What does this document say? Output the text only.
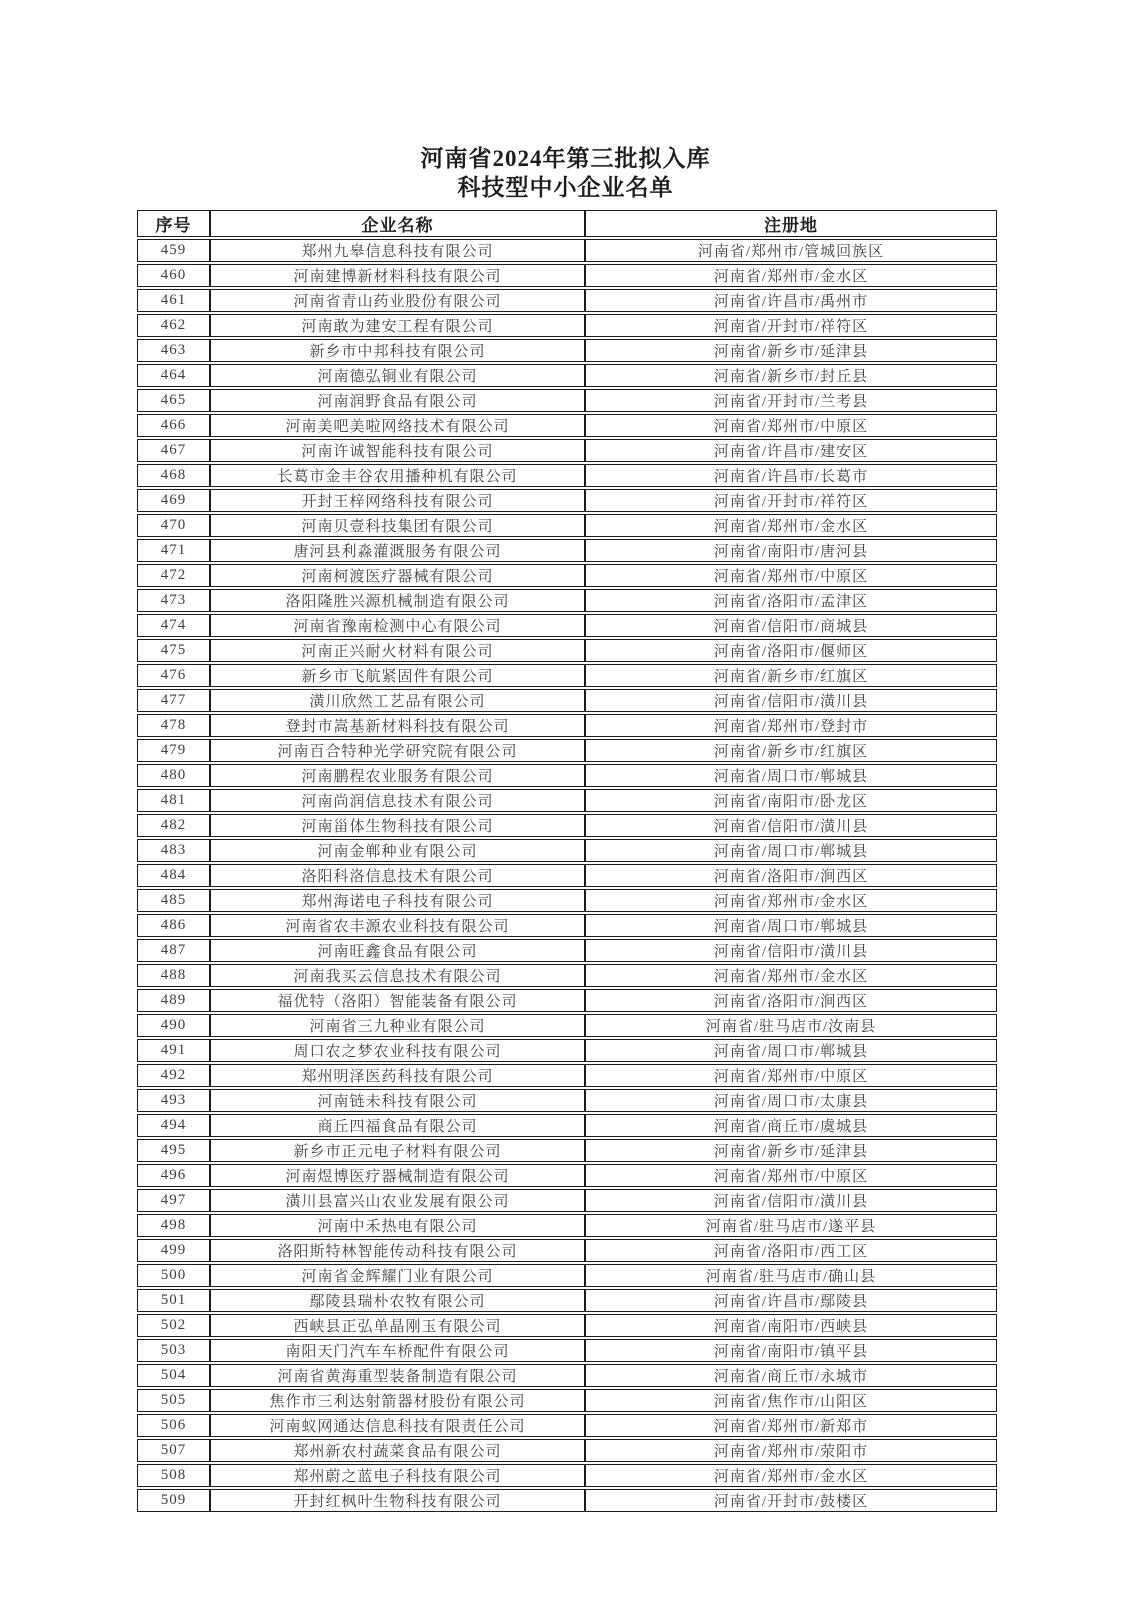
河南省2024年第三批拟入库
科技型中小企业名单
序号	企业名称	注册地
459	郑州九皋信息科技有限公司	河南省/郑州市/管城回族区
460	河南建博新材料科技有限公司	河南省/郑州市/金水区
461	河南省青山药业股份有限公司	河南省/许昌市/禹州市
462	河南敢为建安工程有限公司	河南省/开封市/祥符区
463	新乡市中邦科技有限公司	河南省/新乡市/延津县
464	河南德弘铜业有限公司	河南省/新乡市/封丘县
465	河南润野食品有限公司	河南省/开封市/兰考县
466	河南美吧美啦网络技术有限公司	河南省/郑州市/中原区
467	河南许诚智能科技有限公司	河南省/许昌市/建安区
468	长葛市金丰谷农用播种机有限公司	河南省/许昌市/长葛市
469	开封王梓网络科技有限公司	河南省/开封市/祥符区
470	河南贝壹科技集团有限公司	河南省/郑州市/金水区
471	唐河县利淼灌溉服务有限公司	河南省/南阳市/唐河县
472	河南柯渡医疗器械有限公司	河南省/郑州市/中原区
473	洛阳隆胜兴源机械制造有限公司	河南省/洛阳市/孟津区
474	河南省豫南检测中心有限公司	河南省/信阳市/商城县
475	河南正兴耐火材料有限公司	河南省/洛阳市/偃师区
476	新乡市飞航紧固件有限公司	河南省/新乡市/红旗区
477	潢川欣然工艺品有限公司	河南省/信阳市/潢川县
478	登封市嵩基新材料科技有限公司	河南省/郑州市/登封市
479	河南百合特种光学研究院有限公司	河南省/新乡市/红旗区
480	河南鹏程农业服务有限公司	河南省/周口市/郸城县
481	河南尚润信息技术有限公司	河南省/南阳市/卧龙区
482	河南甾体生物科技有限公司	河南省/信阳市/潢川县
483	河南金郸种业有限公司	河南省/周口市/郸城县
484	洛阳科洛信息技术有限公司	河南省/洛阳市/涧西区
485	郑州海诺电子科技有限公司	河南省/郑州市/金水区
486	河南省农丰源农业科技有限公司	河南省/周口市/郸城县
487	河南旺鑫食品有限公司	河南省/信阳市/潢川县
488	河南我买云信息技术有限公司	河南省/郑州市/金水区
489	福优特（洛阳）智能装备有限公司	河南省/洛阳市/涧西区
490	河南省三九种业有限公司	河南省/驻马店市/汝南县
491	周口农之梦农业科技有限公司	河南省/周口市/郸城县
492	郑州明泽医药科技有限公司	河南省/郑州市/中原区
493	河南链未科技有限公司	河南省/周口市/太康县
494	商丘四福食品有限公司	河南省/商丘市/虞城县
495	新乡市正元电子材料有限公司	河南省/新乡市/延津县
496	河南煜博医疗器械制造有限公司	河南省/郑州市/中原区
497	潢川县富兴山农业发展有限公司	河南省/信阳市/潢川县
498	河南中禾热电有限公司	河南省/驻马店市/遂平县
499	洛阳斯特林智能传动科技有限公司	河南省/洛阳市/西工区
500	河南省金辉耀门业有限公司	河南省/驻马店市/确山县
501	鄢陵县瑞朴农牧有限公司	河南省/许昌市/鄢陵县
502	西峡县正弘单晶刚玉有限公司	河南省/南阳市/西峡县
503	南阳天门汽车车桥配件有限公司	河南省/南阳市/镇平县
504	河南省黄海重型装备制造有限公司	河南省/商丘市/永城市
505	焦作市三利达射箭器材股份有限公司	河南省/焦作市/山阳区
506	河南蚁网通达信息科技有限责任公司	河南省/郑州市/新郑市
507	郑州新农村蔬菜食品有限公司	河南省/郑州市/荥阳市
508	郑州蔚之蓝电子科技有限公司	河南省/郑州市/金水区
509	开封红枫叶生物科技有限公司	河南省/开封市/鼓楼区
